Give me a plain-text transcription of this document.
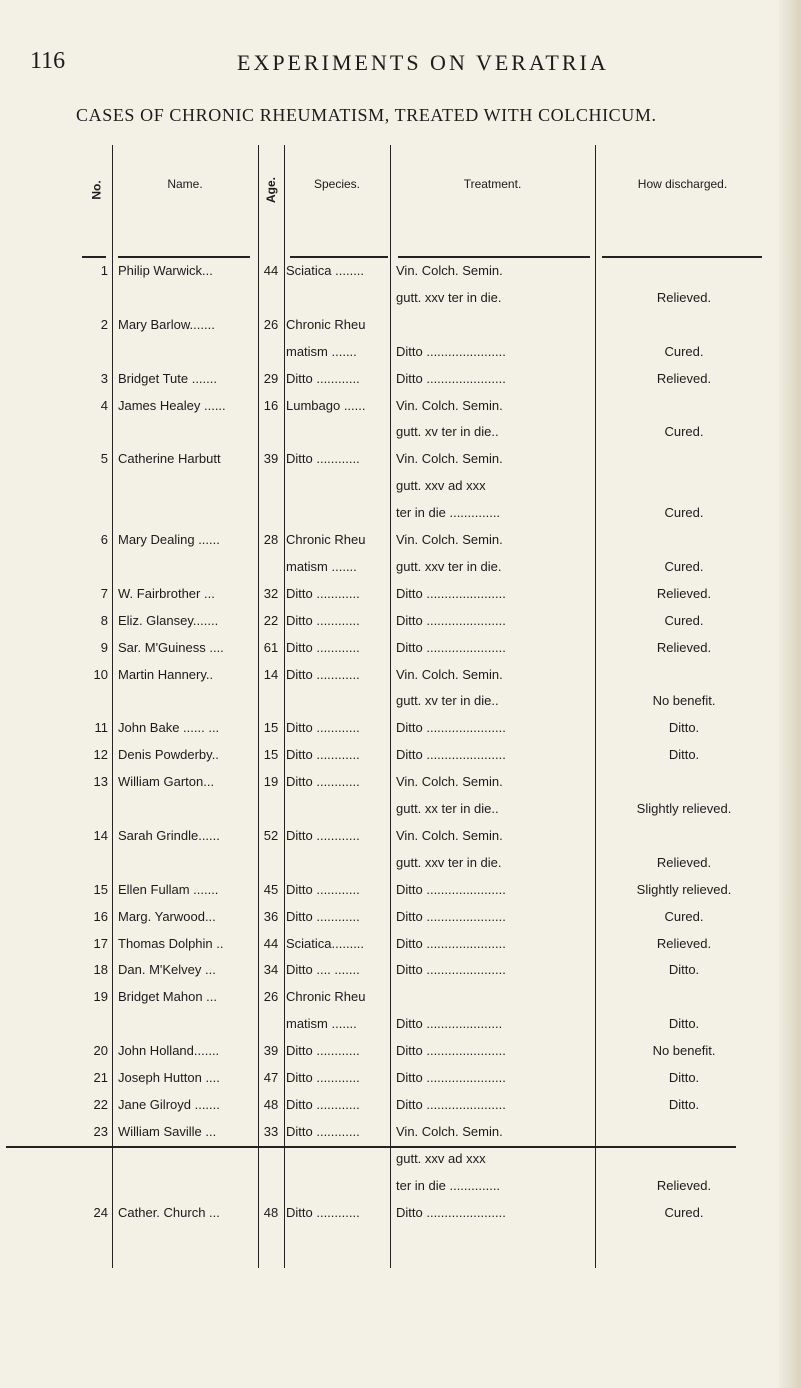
116	EXPERIMENTS ON VERATRIA
CASES OF CHRONIC RHEUMATISM, TREATED WITH COLCHICUM.
No.	Name.	Age.	Species.	Treatment.	How discharged.
1 Philip Warwick...	44 Sciatica ........	Vin. Colch. Semin.
gutt. xxv ter in die.	Relieved.
2 Mary Barlow.......	26 Chronic Rheu
matism .......	Ditto ......................	Cured.
3 Bridget Tute .......	29 Ditto ............	Ditto ......................	Relieved.
4 James Healey ......	16 Lumbago ......	Vin. Colch. Semin.
gutt. xv ter in die..	Cured.
5 Catherine Harbutt	39 Ditto ............	Vin. Colch. Semin.
gutt. xxv ad xxx
ter in die ..............	Cured.
6 Mary Dealing ......	28 Chronic Rheu	Vin. Colch. Semin.
matism .......	gutt. xxv ter in die.	Cured.
7 W. Fairbrother ...	32 Ditto ............	Ditto ......................	Relieved.
8 Eliz. Glansey.......	22 Ditto ............	Ditto ......................	Cured.
9 Sar. M'Guiness ....	61 Ditto ............	Ditto ......................	Relieved.
10 Martin Hannery..	14 Ditto ............	Vin. Colch. Semin.
gutt. xv ter in die..	No benefit.
11 John Bake ...... ...	15 Ditto ............	Ditto ......................	Ditto.
12 Denis Powderby..	15 Ditto ............	Ditto ......................	Ditto.
13 William Garton...	19 Ditto ............	Vin. Colch. Semin.
gutt. xx ter in die..	Slightly relieved.
14 Sarah Grindle......	52 Ditto ............	Vin. Colch. Semin.
gutt. xxv ter in die.	Relieved.
15 Ellen Fullam .......	45 Ditto ............	Ditto ......................	Slightly relieved.
16 Marg. Yarwood...	36 Ditto ............	Ditto ......................	Cured.
17 Thomas Dolphin ..	44 Sciatica.........	Ditto ......................	Relieved.
18 Dan. M'Kelvey ...	34 Ditto .... .......	Ditto ......................	Ditto.
19 Bridget Mahon ...	26 Chronic Rheu
matism .......	Ditto .....................	Ditto.
20 John Holland.......	39 Ditto ............	Ditto ......................	No benefit.
21 Joseph Hutton ....	47 Ditto ............	Ditto ......................	Ditto.
22 Jane Gilroyd .......	48 Ditto ............	Ditto ......................	Ditto.
23 William Saville ...	33 Ditto ............	Vin. Colch. Semin.
gutt. xxv ad xxx
ter in die ..............	Relieved.
24 Cather. Church ...	48 Ditto ............	Ditto ......................	Cured.
